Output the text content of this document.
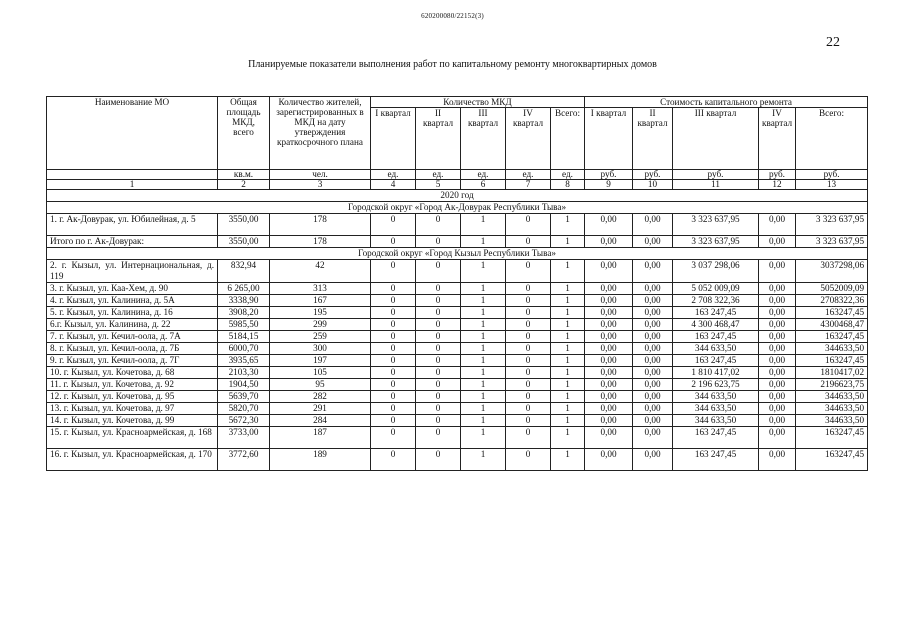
620200080/22152(3)
22
Планируемые показатели выполнения работ по капитальному ремонту многоквартирных домов
Наименование МО	Общая площадь МКД, всего	Количество жителей, зарегистрированных в МКД на дату утверждения краткосрочного плана	Количество МКД					Стоимость капитального ремонта				
			I квартал	II квартал	III квартал	IV квартал	Всего:	I квартал	II квартал	III квартал	IV квартал	Всего:
	кв.м.	чел.	ед.	ед.	ед.	ед.	ед.	руб.	руб.	руб.	руб.	руб.
1	2	3	4	5	6	7	8	9	10	11	12	13
2020 год												
Городской округ «Город Ак-Довурак Республики Тыва»												
1. г. Ак-Довурак, ул. Юбилейная, д. 5	3550,00	178	0	0	1	0	1	0,00	0,00	3 323 637,95	0,00	3 323 637,95
Итого по г. Ак-Довурак:	3550,00	178	0	0	1	0	1	0,00	0,00	3 323 637,95	0,00	3 323 637,95
Городской округ «Город Кызыл Республики Тыва»												
2. г. Кызыл, ул. Интернациональная, д. 119	832,94	42	0	0	1	0	1	0,00	0,00	3 037 298,06	0,00	3037298,06
3. г. Кызыл, ул. Каа-Хем, д. 90	6 265,00	313	0	0	1	0	1	0,00	0,00	5 052 009,09	0,00	5052009,09
4. г. Кызыл, ул. Калинина, д. 5А	3338,90	167	0	0	1	0	1	0,00	0,00	2 708 322,36	0,00	2708322,36
5. г. Кызыл, ул. Калинина, д. 16	3908,20	195	0	0	1	0	1	0,00	0,00	163 247,45	0,00	163247,45
6.г. Кызыл, ул. Калинина, д. 22	5985,50	299	0	0	1	0	1	0,00	0,00	4 300 468,47	0,00	4300468,47
7. г. Кызыл, ул. Кечил-оола, д. 7А	5184,15	259	0	0	1	0	1	0,00	0,00	163 247,45	0,00	163247,45
8. г. Кызыл, ул. Кечил-оола, д. 7Б	6000,70	300	0	0	1	0	1	0,00	0,00	344 633,50	0,00	344633,50
9. г. Кызыл, ул. Кечил-оола, д. 7Г	3935,65	197	0	0	1	0	1	0,00	0,00	163 247,45	0,00	163247,45
10. г. Кызыл, ул. Кочетова, д. 68	2103,30	105	0	0	1	0	1	0,00	0,00	1 810 417,02	0,00	1810417,02
11. г. Кызыл, ул. Кочетова, д. 92	1904,50	95	0	0	1	0	1	0,00	0,00	2 196 623,75	0,00	2196623,75
12. г. Кызыл, ул. Кочетова, д. 95	5639,70	282	0	0	1	0	1	0,00	0,00	344 633,50	0,00	344633,50
13. г. Кызыл, ул. Кочетова, д. 97	5820,70	291	0	0	1	0	1	0,00	0,00	344 633,50	0,00	344633,50
14. г. Кызыл, ул. Кочетова, д. 99	5672,30	284	0	0	1	0	1	0,00	0,00	344 633,50	0,00	344633,50
15. г. Кызыл, ул. Красноармейская, д. 168	3733,00	187	0	0	1	0	1	0,00	0,00	163 247,45	0,00	163247,45
16. г. Кызыл, ул. Красноармейская, д. 170	3772,60	189	0	0	1	0	1	0,00	0,00	163 247,45	0,00	163247,45
